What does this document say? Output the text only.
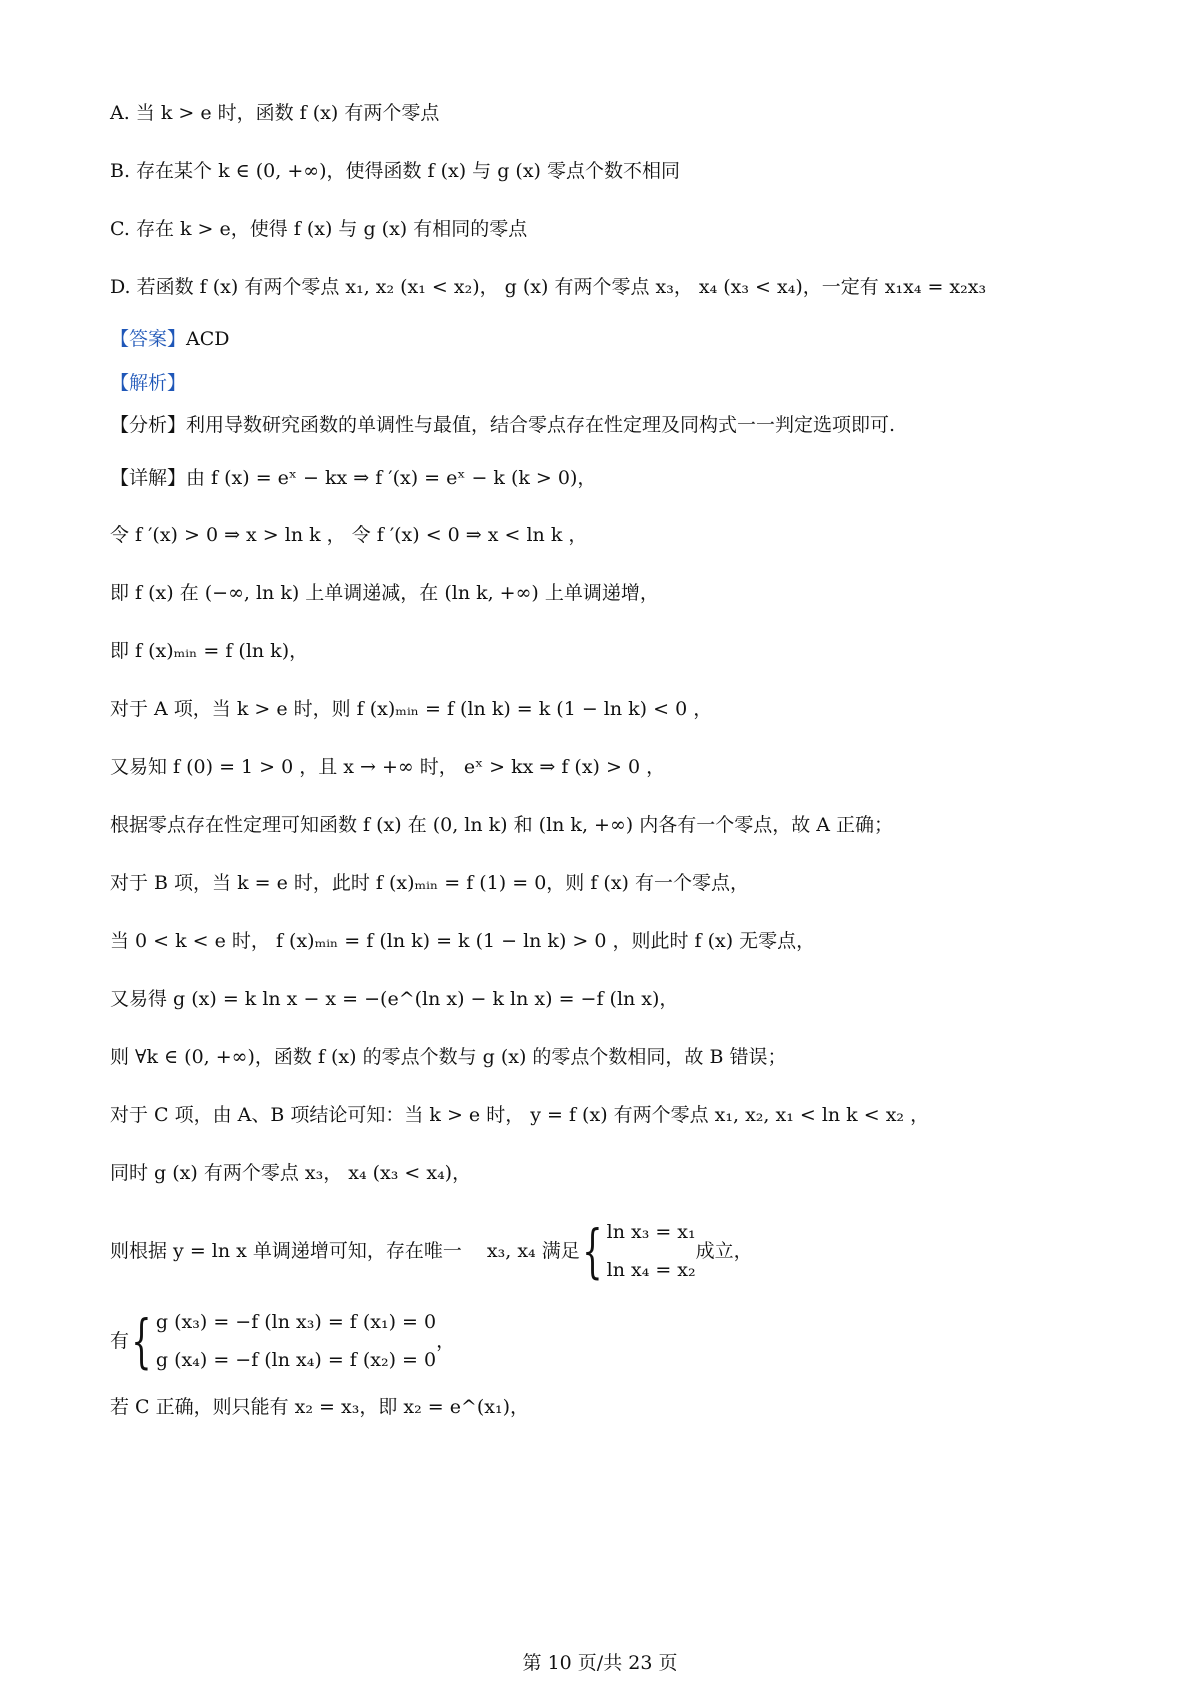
A. 当 k > e 时，函数 f (x) 有两个零点
B. 存在某个 k ∈ (0, +∞)，使得函数 f (x) 与 g (x) 零点个数不相同
C. 存在 k > e，使得 f (x) 与 g (x) 有相同的零点
D. 若函数 f (x) 有两个零点 x₁, x₂ (x₁ < x₂)， g (x) 有两个零点 x₃， x₄ (x₃ < x₄)，一定有 x₁x₄ = x₂x₃
【答案】ACD
【解析】
【分析】利用导数研究函数的单调性与最值，结合零点存在性定理及同构式一一判定选项即可.
【详解】由 f (x) = eˣ − kx ⇒ f ′(x) = eˣ − k (k > 0)，
令 f ′(x) > 0 ⇒ x > ln k ， 令 f ′(x) < 0 ⇒ x < ln k ，
即 f (x) 在 (−∞, ln k) 上单调递减，在 (ln k, +∞) 上单调递增，
即 f (x)ₘᵢₙ = f (ln k)，
对于 A 项，当 k > e 时，则 f (x)ₘᵢₙ = f (ln k) = k (1 − ln k) < 0 ，
又易知 f (0) = 1 > 0 ，且 x → +∞ 时， eˣ > kx ⇒ f (x) > 0 ，
根据零点存在性定理可知函数 f (x) 在 (0, ln k) 和 (ln k, +∞) 内各有一个零点，故 A 正确；
对于 B 项，当 k = e 时，此时 f (x)ₘᵢₙ = f (1) = 0，则 f (x) 有一个零点，
当 0 < k < e 时， f (x)ₘᵢₙ = f (ln k) = k (1 − ln k) > 0 ，则此时 f (x) 无零点，
又易得 g (x) = k ln x − x = −(e^(ln x) − k ln x) = −f (ln x)，
则 ∀k ∈ (0, +∞)，函数 f (x) 的零点个数与 g (x) 的零点个数相同，故 B 错误；
对于 C 项，由 A、B 项结论可知：当 k > e 时， y = f (x) 有两个零点 x₁, x₂, x₁ < ln k < x₂ ，
同时 g (x) 有两个零点 x₃， x₄ (x₃ < x₄)，
则根据 y = ln x 单调递增可知，存在唯一　 x₃, x₄ 满足{ ln x₃ = x₁
ln x₄ = x₂
成立，
有{ g (x₃) = −f (ln x₃) = f (x₁) = 0
g (x₄) = −f (ln x₄) = f (x₂) = 0
，
若 C 正确，则只能有 x₂ = x₃，即 x₂ = e^(x₁)，
第 10 页/共 23 页
